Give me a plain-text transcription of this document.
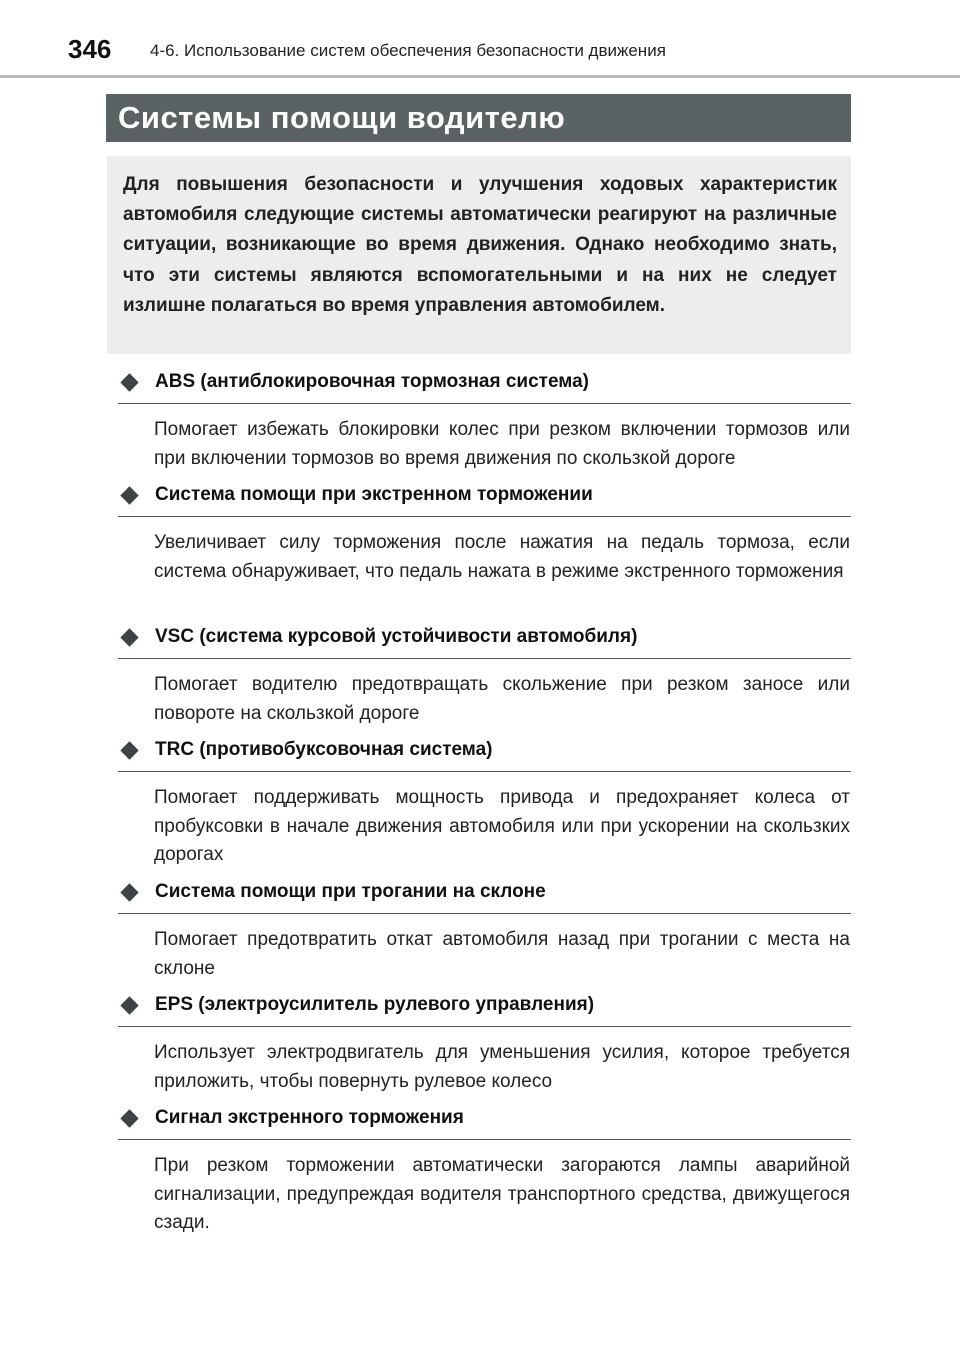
346 4-6. Использование систем обеспечения безопасности движения
Системы помощи водителю

Для повышения безопасности и улучшения ходовых характеристик автомобиля следующие системы автоматически реагируют на различные ситуации, возникающие во время движения. Однако необходимо знать, что эти системы являются вспомогательными и на них не следует излишне полагаться во время управления автомобилем.

ABS (антиблокировочная тормозная система)
Помогает избежать блокировки колес при резком включении тормозов или при включении тормозов во время движения по скользкой дороге
Система помощи при экстренном торможении
Увеличивает силу торможения после нажатия на педаль тормоза, если система обнаруживает, что педаль нажата в режиме экстренного торможения
VSC (система курсовой устойчивости автомобиля)
Помогает водителю предотвращать скольжение при резком заносе или повороте на скользкой дороге
TRC (противобуксовочная система)
Помогает поддерживать мощность привода и предохраняет колеса от пробуксовки в начале движения автомобиля или при ускорении на скользких дорогах
Система помощи при трогании на склоне
Помогает предотвратить откат автомобиля назад при трогании с места на склоне
EPS (электроусилитель рулевого управления)
Использует электродвигатель для уменьшения усилия, которое требуется приложить, чтобы повернуть рулевое колесо
Сигнал экстренного торможения
При резком торможении автоматически загораются лампы аварийной сигнализации, предупреждая водителя транспортного средства, движущегося сзади.
